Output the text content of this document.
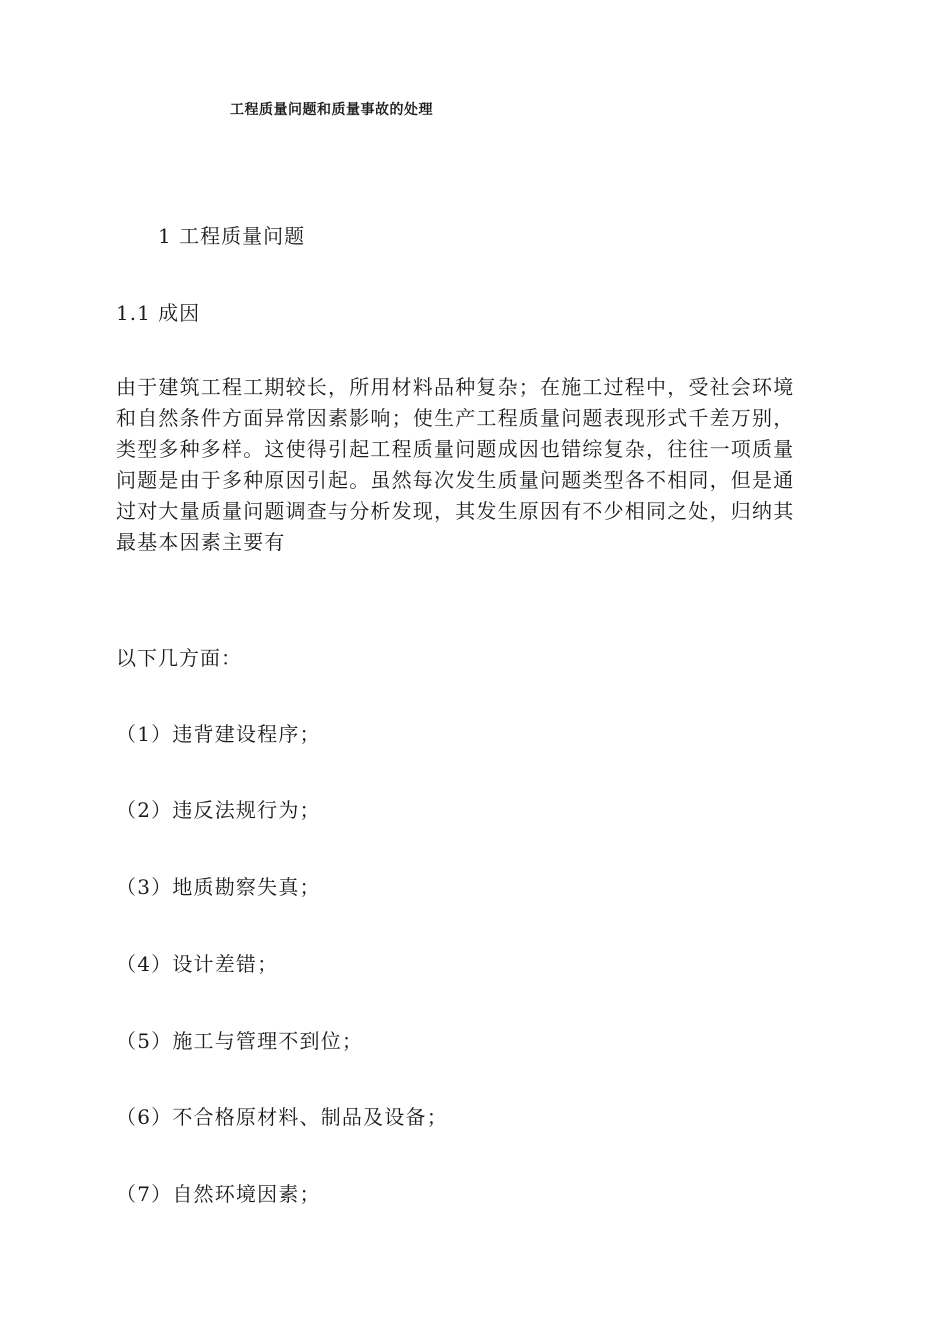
工程质量问题和质量事故的处理
1 工程质量问题
1.1 成因
由于建筑工程工期较长，所用材料品种复杂；在施工过程中，受社会环境
和自然条件方面异常因素影响；使生产工程质量问题表现形式千差万别，
类型多种多样。这使得引起工程质量问题成因也错综复杂，往往一项质量
问题是由于多种原因引起。虽然每次发生质量问题类型各不相同，但是通
过对大量质量问题调查与分析发现，其发生原因有不少相同之处，归纳其
最基本因素主要有
以下几方面：
（1）违背建设程序；
（2）违反法规行为；
（3）地质勘察失真；
（4）设计差错；
（5）施工与管理不到位；
（6）不合格原材料、制品及设备；
（7）自然环境因素；
